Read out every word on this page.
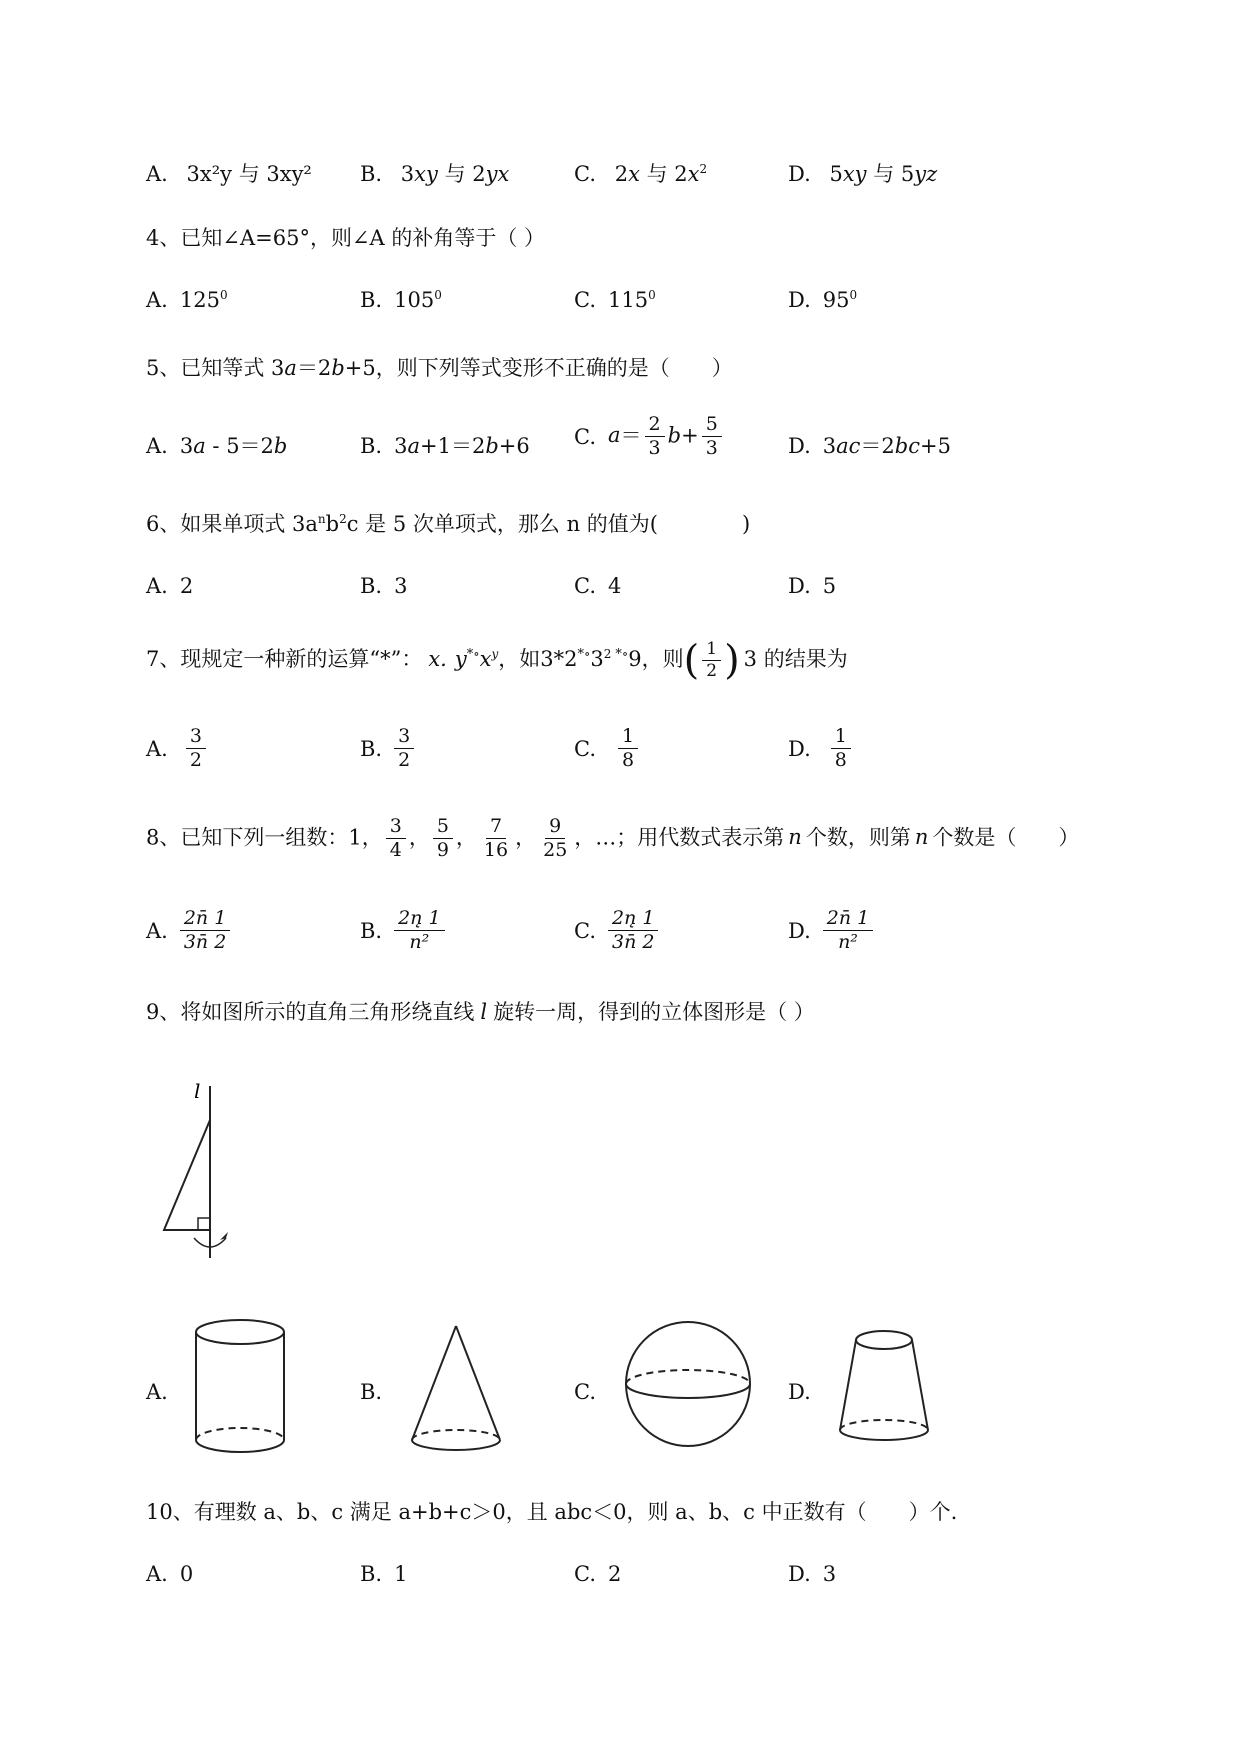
A. 3x²y 与 3xy² B. 3xy 与 2yx	C. 2x 与 $2x^2$	D. 5xy 与 5yz
4、已知∠A=65°，则∠A 的补角等于（ ）
A. $125^0$	B. $105^0$	C. $115^0$	D. $95^0$
5、已知等式 3a＝2b+5，则下列等式变形不正确的是（　　）
A. 3a - 5＝2b	B. 3a+1＝2b+6 C. $a= \frac{2}{3} b+ \frac{5}{3}$	D. 3ac＝2bc+5
6、如果单项式 $3a^nb^2c$ 是 5 次单项式，那么 n 的值为(　　　　)
A. 2	B. 3	C. 4	D. 5
7、现规定一种新的运算“*”： x. $y^{*\circ}x^y$，如$3*2^{*\circ}3^2$ *∘9，则( $\frac{1}{2}$ ) 3 的结果为
A. $\frac{3}{2}$	B. $\frac{3}{2}$	C. $\frac{1}{8}$	D. $\frac{1}{8}$
8、已知下列一组数：1， $\frac{3}{4}$ ， $\frac{5}{9}$ ， $\frac{7}{16}$ ， $\frac{9}{25}$ ，…；用代数式表示第 n 个数，则第 n 个数是（　　）
A. $\frac{2n̄ 1}{3n̄ 2}$	B. $\frac{2n̨ 1}{\text{n²}}$	C. $\frac{2n̨ 1}{3n̄ 2}$	D. $\frac{2n̄ 1}{\text{n²}}$
9、将如图所示的直角三角形绕直线 l 旋转一周，得到的立体图形是（ ）
l
A.	B.	C.	D.
10、有理数 a、b、c 满足 a+b+c＞0，且 abc＜0，则 a、b、c 中正数有（　　）个.
A. 0	B. 1	C. 2	D. 3
